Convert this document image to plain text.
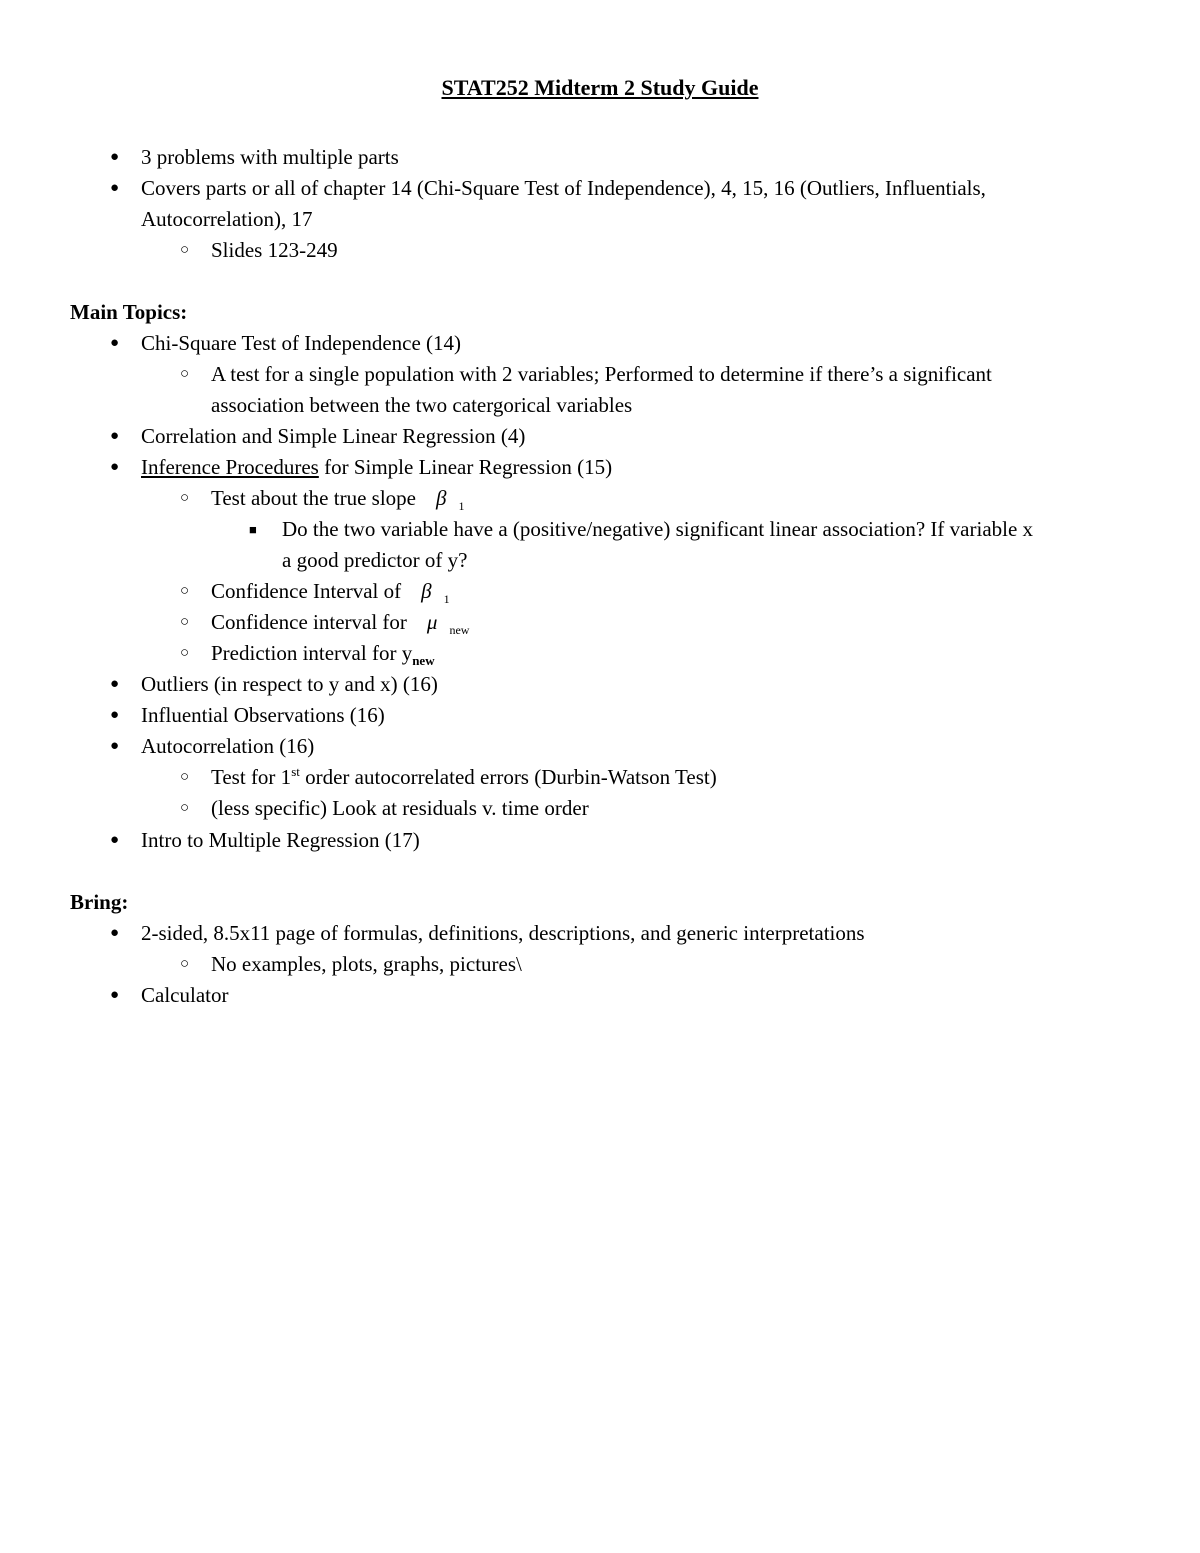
STAT252 Midterm 2 Study Guide
● 3 problems with multiple parts
● Covers parts or all of chapter 14 (Chi-Square Test of Independence), 4, 15, 16 (Outliers, Influentials,
Autocorrelation), 17
○ Slides 123-249
Main Topics:
● Chi-Square Test of Independence (14)
○ A test for a single population with 2 variables; Performed to determine if there’s a significant
association between the two catergorical variables
● Correlation and Simple Linear Regression (4)
● Inference Procedures for Simple Linear Regression (15)
○ Test about the true slope β $_1$
■ Do the two variable have a (positive/negative) significant linear association? If variable x
a good predictor of y?
○ Confidence Interval of β $_1$
○ Confidence interval for μ $_{new}$
○ Prediction interval for $y_{new}$
● Outliers (in respect to y and x) (16)
● Influential Observations (16)
● Autocorrelation (16)
○ Test for 1st order autocorrelated errors (Durbin-Watson Test)
○ (less specific) Look at residuals v. time order
● Intro to Multiple Regression (17)
Bring:
● 2-sided, 8.5x11 page of formulas, definitions, descriptions, and generic interpretations
○ No examples, plots, graphs, pictures\
● Calculator
